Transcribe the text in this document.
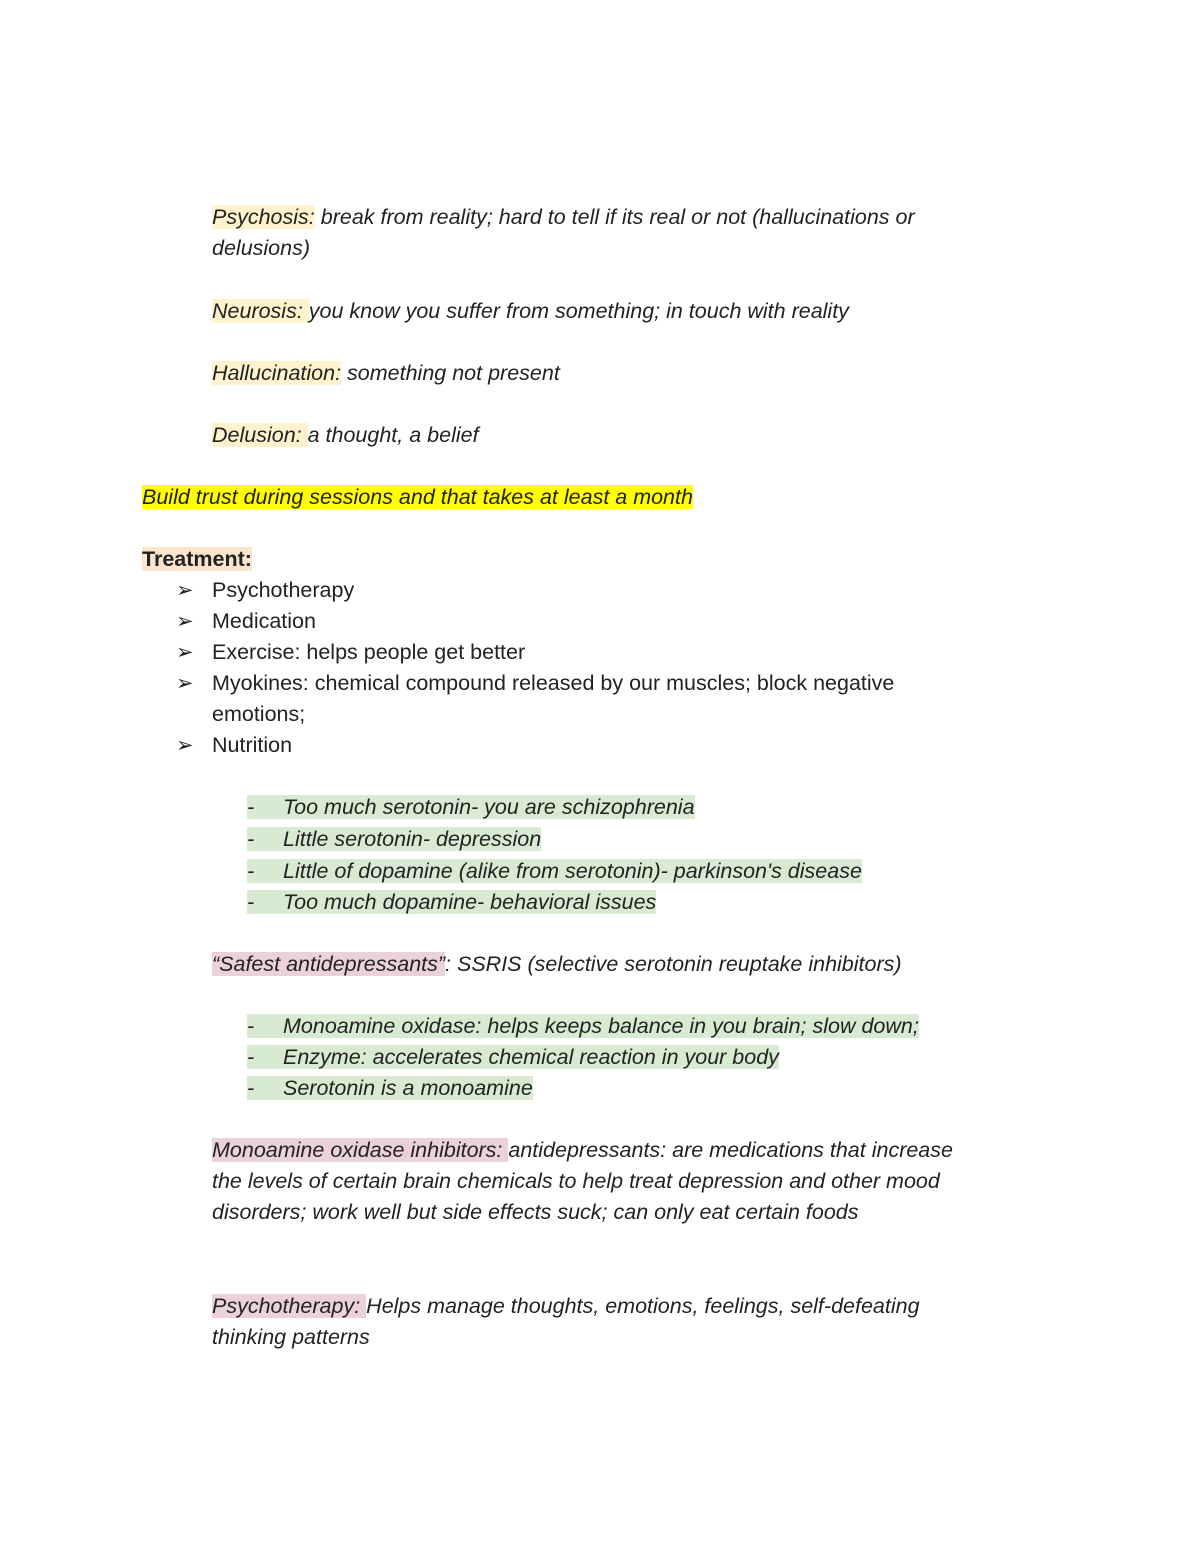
Psychosis: break from reality; hard to tell if its real or not (hallucinations or
delusions)
Neurosis: you know you suffer from something; in touch with reality
Hallucination: something not present
Delusion: a thought, a belief
Build trust during sessions and that takes at least a month
Treatment:
➢ Psychotherapy
➢ Medication
➢ Exercise: helps people get better
➢ Myokines: chemical compound released by our muscles; block negative
emotions;
➢ Nutrition
- Too much serotonin- you are schizophrenia
- Little serotonin- depression
- Little of dopamine (alike from serotonin)- parkinson's disease
- Too much dopamine- behavioral issues
“Safest antidepressants”: SSRIS (selective serotonin reuptake inhibitors)
- Monoamine oxidase: helps keeps balance in you brain; slow down;
- Enzyme: accelerates chemical reaction in your body
- Serotonin is a monoamine
Monoamine oxidase inhibitors: antidepressants: are medications that increase
the levels of certain brain chemicals to help treat depression and other mood
disorders; work well but side effects suck; can only eat certain foods
Psychotherapy: Helps manage thoughts, emotions, feelings, self-defeating
thinking patterns
